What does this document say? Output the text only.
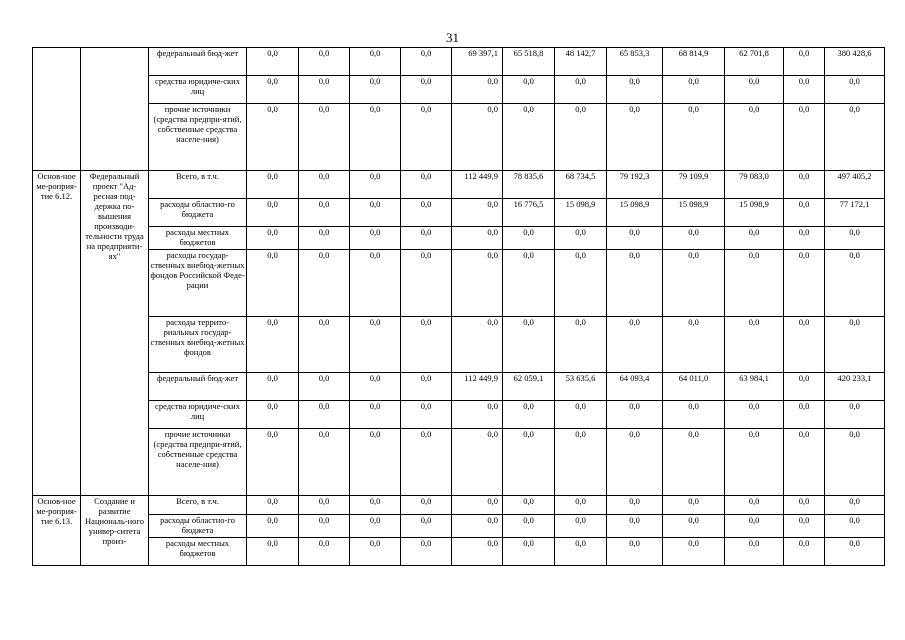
31
		федеральный бюд-жет	0,0	0,0	0,0	0,0	69 397,1	65 518,8	48 142,7	65 853,3	68 814,9	62 701,8	0,0	380 428,6
		средства юридиче-ских лиц	0,0	0,0	0,0	0,0	0,0	0,0	0,0	0,0	0,0	0,0	0,0	0,0
		прочие источники (средства предпри-ятий, собственные средства населе-ния)	0,0	0,0	0,0	0,0	0,0	0,0	0,0	0,0	0,0	0,0	0,0	0,0
Основ-ное ме-роприя-тие 6.12.	Федеральный проект "Ад-ресная под-держка по-вышения производи-тельности труда на предприяти-ях"	Всего, в т.ч.	0,0	0,0	0,0	0,0	112 449,9	78 835,6	68 734,5	79 192,3	79 109,9	79 083,0	0,0	497 405,2
		расходы областно-го бюджета	0,0	0,0	0,0	0,0	0,0	16 776,5	15 098,9	15 098,9	15 098,9	15 098,9	0,0	77 172,1
		расходы местных бюджетов	0,0	0,0	0,0	0,0	0,0	0,0	0,0	0,0	0,0	0,0	0,0	0,0
		расходы государ-ственных внебюд-жетных фондов Российской Феде-рации	0,0	0,0	0,0	0,0	0,0	0,0	0,0	0,0	0,0	0,0	0,0	0,0
		расходы террито-риальных государ-ственных внебюд-жетных фондов	0,0	0,0	0,0	0,0	0,0	0,0	0,0	0,0	0,0	0,0	0,0	0,0
		федеральный бюд-жет	0,0	0,0	0,0	0,0	112 449,9	62 059,1	53 635,6	64 093,4	64 011,0	63 984,1	0,0	420 233,1
		средства юридиче-ских лиц	0,0	0,0	0,0	0,0	0,0	0,0	0,0	0,0	0,0	0,0	0,0	0,0
		прочие источники (средства предпри-ятий, собственные средства населе-ния)	0,0	0,0	0,0	0,0	0,0	0,0	0,0	0,0	0,0	0,0	0,0	0,0
Основ-ное ме-роприя-тие 6.13.	Создание и развитие Националь-ного универ-ситета произ-	Всего, в т.ч.	0,0	0,0	0,0	0,0	0,0	0,0	0,0	0,0	0,0	0,0	0,0	0,0
		расходы областно-го бюджета	0,0	0,0	0,0	0,0	0,0	0,0	0,0	0,0	0,0	0,0	0,0	0,0
		расходы местных бюджетов	0,0	0,0	0,0	0,0	0,0	0,0	0,0	0,0	0,0	0,0	0,0	0,0
